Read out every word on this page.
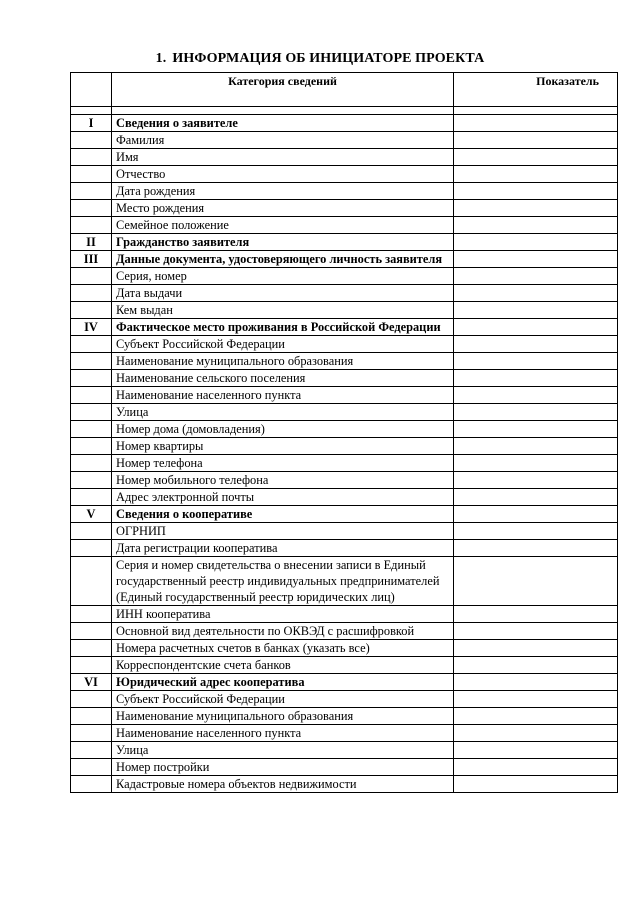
1. ИНФОРМАЦИЯ ОБ ИНИЦИАТОРЕ ПРОЕКТА
	Категория сведений	Показатель

I	Сведения о заявителе	
	Фамилия	
	Имя	
	Отчество	
	Дата рождения	
	Место рождения	
	Семейное положение	
II	Гражданство заявителя	
III	Данные документа, удостоверяющего личность заявителя	
	Серия, номер	
	Дата выдачи	
	Кем выдан	
IV	Фактическое место проживания в Российской Федерации	
	Субъект Российской Федерации	
	Наименование муниципального образования	
	Наименование сельского поселения	
	Наименование населенного пункта	
	Улица	
	Номер дома (домовладения)	
	Номер квартиры	
	Номер телефона	
	Номер мобильного телефона	
	Адрес электронной почты	
V	Сведения о кооперативе	
	ОГРНИП	
	Дата регистрации кооператива	
	Серия и номер свидетельства о внесении записи в Единый государственный реестр индивидуальных предпринимателей (Единый государственный реестр юридических лиц)	
	ИНН кооператива	
	Основной вид деятельности по ОКВЭД с расшифровкой	
	Номера расчетных счетов в банках (указать все)	
	Корреспондентские счета банков	
VI	Юридический адрес кооператива	
	Субъект Российской Федерации	
	Наименование муниципального образования	
	Наименование населенного пункта	
	Улица	
	Номер постройки	
	Кадастровые номера объектов недвижимости	
